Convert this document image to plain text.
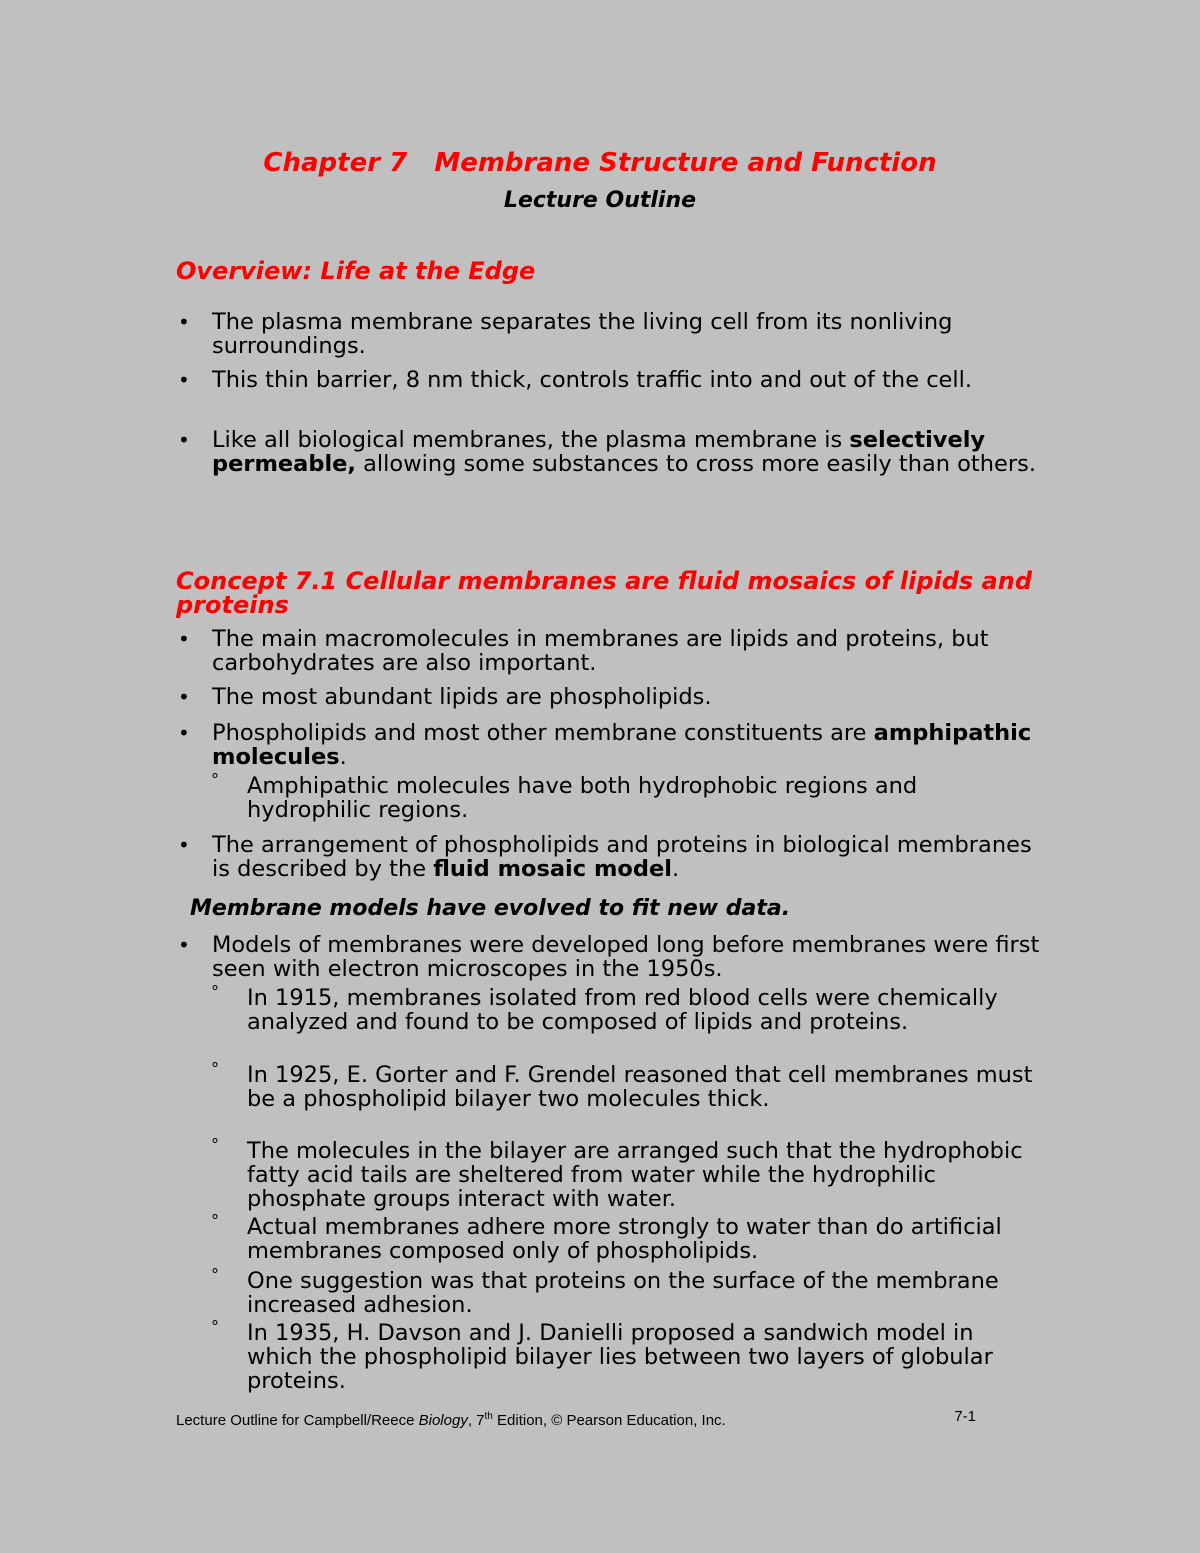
Chapter 7   Membrane Structure and Function
Lecture Outline
Overview: Life at the Edge
• The plasma membrane separates the living cell from its nonliving surroundings.
• This thin barrier, 8 nm thick, controls traffic into and out of the cell.
• Like all biological membranes, the plasma membrane is selectively permeable, allowing some substances to cross more easily than others.
Concept 7.1 Cellular membranes are fluid mosaics of lipids and proteins
• The main macromolecules in membranes are lipids and proteins, but carbohydrates are also important.
• The most abundant lipids are phospholipids.
• Phospholipids and most other membrane constituents are amphipathic molecules.
° Amphipathic molecules have both hydrophobic regions and hydrophilic regions.
• The arrangement of phospholipids and proteins in biological membranes is described by the fluid mosaic model.
Membrane models have evolved to fit new data.
• Models of membranes were developed long before membranes were first seen with electron microscopes in the 1950s.
° In 1915, membranes isolated from red blood cells were chemically analyzed and found to be composed of lipids and proteins.
° In 1925, E. Gorter and F. Grendel reasoned that cell membranes must be a phospholipid bilayer two molecules thick.
° The molecules in the bilayer are arranged such that the hydrophobic fatty acid tails are sheltered from water while the hydrophilic phosphate groups interact with water.
° Actual membranes adhere more strongly to water than do artificial membranes composed only of phospholipids.
° One suggestion was that proteins on the surface of the membrane increased adhesion.
° In 1935, H. Davson and J. Danielli proposed a sandwich model in which the phospholipid bilayer lies between two layers of globular proteins.
Lecture Outline for Campbell/Reece Biology, 7th Edition, © Pearson Education, Inc.	7-1
